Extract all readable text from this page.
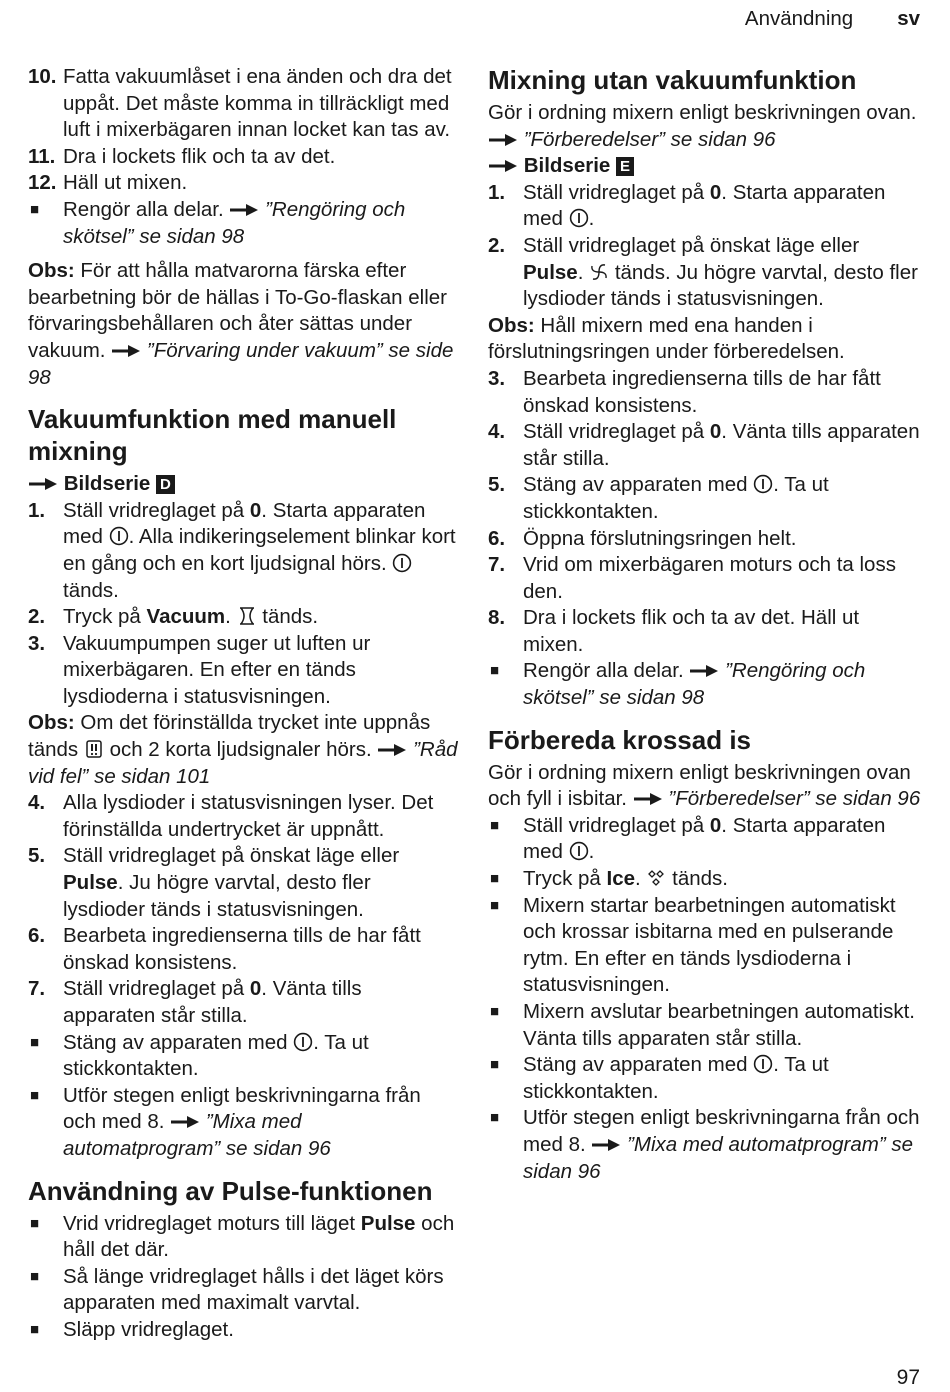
Användning sv
10. Fatta vakuumlåset i ena änden och dra det uppåt. Det måste komma in tillräckligt med luft i mixerbägaren innan locket kan tas av.
11. Dra i lockets flik och ta av det.
12. Häll ut mixen.
■ Rengör alla delar. ”Rengöring och skötsel” se sidan 98

Obs: För att hålla matvarorna färska efter bearbetning bör de hällas i To-Go-flaskan eller förvaringsbehållaren och åter sättas under vakuum. ”Förvaring under vakuum” se side 98

Vakuumfunktion med manuell mixning
Bildserie D
1. Ställ vridreglaget på 0. Starta apparaten med . Alla indikeringselement blinkar kort en gång och en kort ljudsignal hörs.  tänds.
2. Tryck på Vacuum.  tänds.
3. Vakuumpumpen suger ut luften ur mixerbägaren. En efter en tänds lysdioderna i statusvisningen.

Obs: Om det förinställda trycket inte uppnås tänds och 2 korta ljudsignaler hörs. ”Råd vid fel” se sidan 101

4. Alla lysdioder i statusvisningen lyser. Det förinställda undertrycket är uppnått.
5. Ställ vridreglaget på önskat läge eller Pulse. Ju högre varvtal, desto fler lysdioder tänds i statusvisningen.
6. Bearbeta ingredienserna tills de har fått önskad konsistens.
7. Ställ vridreglaget på 0. Vänta tills apparaten står stilla.
■ Stäng av apparaten med . Ta ut stickkontakten.
■ Utför stegen enligt beskrivningarna från och med 8. ”Mixa med automatprogram” se sidan 96
Användning av Pulse-funktionen
■ Vrid vridreglaget moturs till läget Pulse och håll det där.
■ Så länge vridreglaget hålls i det läget körs apparaten med maximalt varvtal.
■ Släpp vridreglaget.
Mixning utan vakuumfunktion

Gör i ordning mixern enligt beskrivningen ovan.  ”Förberedelser” se sidan 96

Bildserie E
1. Ställ vridreglaget på 0. Starta apparaten med .
2. Ställ vridreglaget på önskat läge eller Pulse.  tänds. Ju högre varvtal, desto fler lysdioder tänds i statusvisningen.

Obs: Håll mixern med ena handen i förslutningsringen under förberedelsen.

3. Bearbeta ingredienserna tills de har fått önskad konsistens.
4. Ställ vridreglaget på 0. Vänta tills apparaten står stilla.
5. Stäng av apparaten med . Ta ut stickkontakten.
6. Öppna förslutningsringen helt.
7. Vrid om mixerbägaren moturs och ta loss den.
8. Dra i lockets flik och ta av det. Häll ut mixen.
■ Rengör alla delar. ”Rengöring och skötsel” se sidan 98
Förbereda krossad is

Gör i ordning mixern enligt beskrivningen ovan och fyll i isbitar. ”Förberedelser” se sidan 96

■ Ställ vridreglaget på 0. Starta apparaten med .
■ Tryck på Ice.  tänds.
■ Mixern startar bearbetningen automatiskt och krossar isbitarna med en pulserande rytm. En efter en tänds lysdioderna i statusvisningen.
■ Mixern avslutar bearbetningen automatiskt. Vänta tills apparaten står stilla.
■ Stäng av apparaten med . Ta ut stickkontakten.
■ Utför stegen enligt beskrivningarna från och med 8. ”Mixa med automatprogram” se sidan 96
97
